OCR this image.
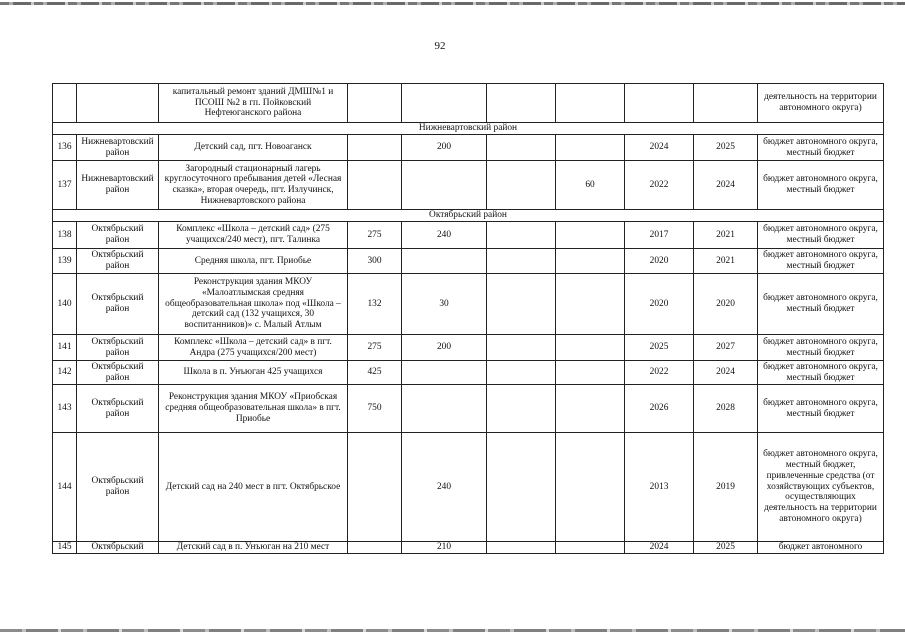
92
		капитальный ремонт зданий ДМШ№1 и ПСОШ №2 в гп. Пойковский Нефтеюганского района							деятельность на территории автономного округа)
Нижневартовский район									
136	Нижневартовский район	Детский сад, пгт. Новоаганск		200			2024	2025	бюджет автономного округа, местный бюджет
137	Нижневартовский район	Загородный стационарный лагерь круглосуточного пребывания детей «Лесная сказка», вторая очередь, пгт. Излучинск, Нижневартовского района				60	2022	2024	бюджет автономного округа, местный бюджет
Октябрьский район									
138	Октябрьский район	Комплекс «Школа – детский сад» (275 учащихся/240 мест), пгт. Талинка	275	240			2017	2021	бюджет автономного округа, местный бюджет
139	Октябрьский район	Средняя школа, пгт. Приобье	300				2020	2021	бюджет автономного округа, местный бюджет
140	Октябрьский район	Реконструкция здания МКОУ «Малоатлымская средняя общеобразовательная школа» под «Школа – детский сад (132 учащихся, 30 воспитанников)» с. Малый Атлым	132	30			2020	2020	бюджет автономного округа, местный бюджет
141	Октябрьский район	Комплекс «Школа – детский сад» в пгт. Андра (275 учащихся/200 мест)	275	200			2025	2027	бюджет автономного округа, местный бюджет
142	Октябрьский район	Школа в п. Унъюган 425 учащихся	425				2022	2024	бюджет автономного округа, местный бюджет
143	Октябрьский район	Реконструкция здания МКОУ «Приобская средняя общеобразовательная школа» в пгт. Приобье	750				2026	2028	бюджет автономного округа, местный бюджет
144	Октябрьский район	Детский сад на 240 мест в пгт. Октябрьское		240			2013	2019	бюджет автономного округа, местный бюджет, привлеченные средства (от хозяйствующих субъектов, осуществляющих деятельность на территории автономного округа)
145	Октябрьский	Детский сад в п. Унъюган на 210 мест		210			2024	2025	бюджет автономного
